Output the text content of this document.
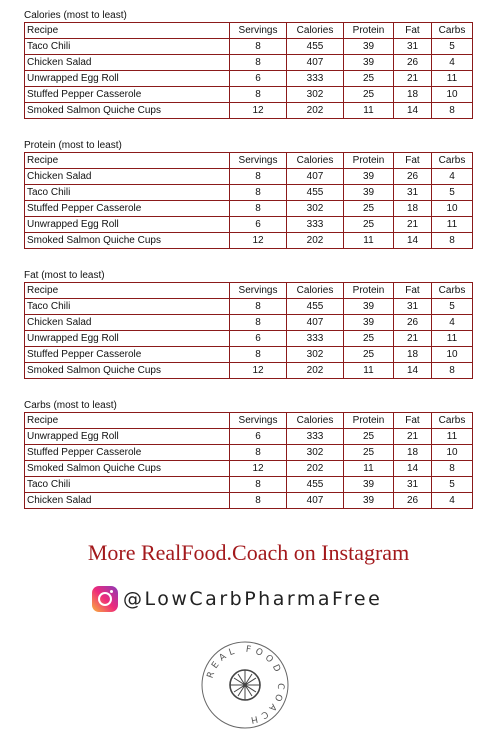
Calories (most to least)
Recipe	Servings	Calories	Protein	Fat	Carbs
Taco Chili	8	455	39	31	5
Chicken Salad	8	407	39	26	4
Unwrapped Egg Roll	6	333	25	21	11
Stuffed Pepper Casserole	8	302	25	18	10
Smoked Salmon Quiche Cups	12	202	11	14	8
Protein (most to least)
Recipe	Servings	Calories	Protein	Fat	Carbs
Chicken Salad	8	407	39	26	4
Taco Chili	8	455	39	31	5
Stuffed Pepper Casserole	8	302	25	18	10
Unwrapped Egg Roll	6	333	25	21	11
Smoked Salmon Quiche Cups	12	202	11	14	8
Fat (most to least)
Recipe	Servings	Calories	Protein	Fat	Carbs
Taco Chili	8	455	39	31	5
Chicken Salad	8	407	39	26	4
Unwrapped Egg Roll	6	333	25	21	11
Stuffed Pepper Casserole	8	302	25	18	10
Smoked Salmon Quiche Cups	12	202	11	14	8
Carbs (most to least)
Recipe	Servings	Calories	Protein	Fat	Carbs
Unwrapped Egg Roll	6	333	25	21	11
Stuffed Pepper Casserole	8	302	25	18	10
Smoked Salmon Quiche Cups	12	202	11	14	8
Taco Chili	8	455	39	31	5
Chicken Salad	8	407	39	26	4
More RealFood.Coach on Instagram
@LowCarbPharmaFree
REAL FOOD COACH
